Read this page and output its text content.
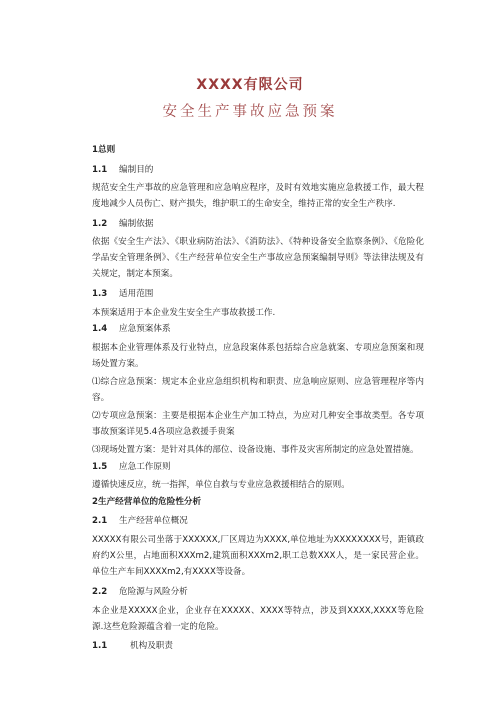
XXXX有限公司
安全生产事故应急预案
1总则
1.1 编制目的
规范安全生产事故的应急管理和应急响应程序，及时有效地实施应急救援工作，最大程度地减少人员伤亡、财产损失，维护职工的生命安全，维持正常的安全生产秩序.
1.2 编制依据
依据《安全生产法》、《职业病防治法》、《消防法》、《特种设备安全监察条例》、《危险化学品安全管理条例》、《生产经营单位安全生产事故应急预案编制导则》等法律法规及有关规定，制定本预案。
1.3 适用范围
本预案适用于本企业发生安全生产事故救援工作.
1.4 应急预案体系
根据本企业管理体系及行业特点，应急段案体系包括综合应急就案、专项应急预案和现场处置方案。
⑴综合应急预案：规定本企业应急组织机构和职责、应急响应原则、应急管理程序等内容。
⑵专项应急预案：主要是根据本企业生产加工特点，为应对几种安全事故类型。各专项事故预案详见5.4各项应急救援手贵案
⑶现场处置方案：是针对具体的部位、设备设施、事件及灾害所制定的应急处置措施。
1.5 应急工作原则
遵循快速反应，统一指挥，单位自救与专业应急救援相结合的原则。
2生产经营单位的危险性分析
2.1 生产经营单位概况
XXXXX有限公司坐落于XXXXXX,厂区周边为XXXX,单位地址为XXXXXXXX号，距镇政府约X公里，占地面积XXXm2,建筑面积XXXm2,职工总数XXX人，是一家民营企业。单位生产车间XXXXm2,有XXXX等设备。
2.2 危险源与风险分析
本企业是XXXXX企业，企业存在XXXXX、XXXX等特点，涉及到XXXX,XXXX等危险源.这些危险源蕴含着一定的危险。
1.1	机构及职责
